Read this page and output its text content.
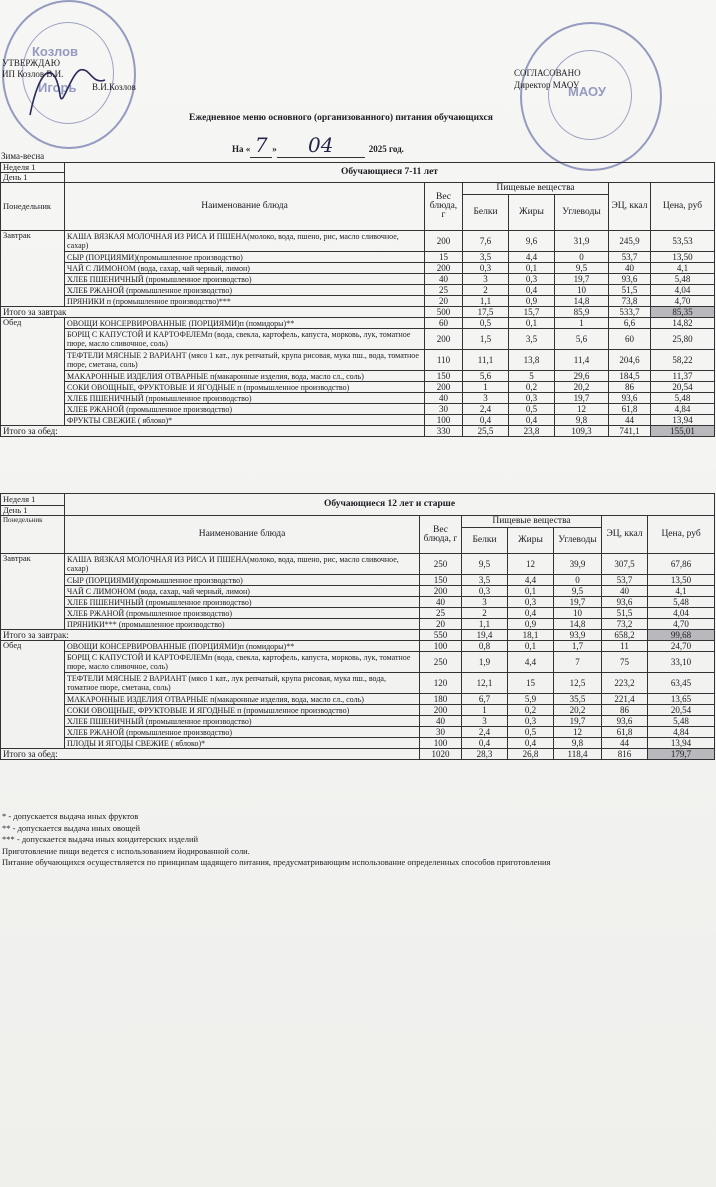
Козлов
Игорь	МАОУ
УТВЕРЖДАЮ
ИП Козлов В.И.
В.И.Козлов
СОГЛАСОВАНО
Директор МАОУ
Ежедневное меню основного (организованного) питания обучающихся
На « 7 » 04	2025 год.
Зима-весна
Неделя 1	Обучающиеся 7-11 лет						
День 1							
Понедельник	Наименование блюда	Вес блюда, г	Пищевые вещества			ЭЦ, ккал	Цена, руб
			Белки	Жиры	Углеводы		
Завтрак	КАША ВЯЗКАЯ МОЛОЧНАЯ ИЗ РИСА И ПШЕНА(молоко, вода, пшено, рис, масло сливочное, сахар)	200	7,6	9,6	31,9	245,9	53,53
	СЫР (ПОРЦИЯМИ)(промышленное производство)	15	3,5	4,4	0	53,7	13,50
	ЧАЙ С ЛИМОНОМ (вода, сахар, чай черный, лимон)	200	0,3	0,1	9,5	40	4,1
	ХЛЕБ ПШЕНИЧНЫЙ (промышленное производство)	40	3	0,3	19,7	93,6	5,48
	ХЛЕБ РЖАНОЙ (промышленное производство)	25	2	0,4	10	51,5	4,04
	ПРЯНИКИ п (промышленное производство)***	20	1,1	0,9	14,8	73,8	4,70
Итого за завтрак		500	17,5	15,7	85,9	533,7	85,35
Обед	ОВОЩИ КОНСЕРВИРОВАННЫЕ (ПОРЦИЯМИ)п (помидоры)**	60	0,5	0,1	1	6,6	14,82
	БОРЩ С КАПУСТОЙ И КАРТОФЕЛЕМп (вода, свекла, картофель, капуста, морковь, лук, томатное пюре, масло сливочное, соль)	200	1,5	3,5	5,6	60	25,80
	ТЕФТЕЛИ МЯСНЫЕ 2 ВАРИАНТ (мясо 1 кат., лук репчатый, крупа рисовая, мука пш., вода, томатное пюре, сметана, соль)	110	11,1	13,8	11,4	204,6	58,22
	МАКАРОННЫЕ ИЗДЕЛИЯ ОТВАРНЫЕ п(макаронные изделия, вода, масло сл., соль)	150	5,6	5	29,6	184,5	11,37
	СОКИ ОВОЩНЫЕ, ФРУКТОВЫЕ И ЯГОДНЫЕ п (промышленное производство)	200	1	0,2	20,2	86	20,54
	ХЛЕБ ПШЕНИЧНЫЙ (промышленное производство)	40	3	0,3	19,7	93,6	5,48
	ХЛЕБ РЖАНОЙ (промышленное производство)	30	2,4	0,5	12	61,8	4,84
	ФРУКТЫ СВЕЖИЕ ( яблоко)*	100	0,4	0,4	9,8	44	13,94
Итого за обед:		330	25,5	23,8	109,3	741,1	155,01
Неделя 1	Обучающиеся 12 лет и старше						
День 1							
Понедельник	Наименование блюда	Вес блюда, г	Пищевые вещества			ЭЦ, ккал	Цена, руб
			Белки	Жиры	Углеводы		
Завтрак	КАША ВЯЗКАЯ МОЛОЧНАЯ ИЗ РИСА И ПШЕНА(молоко, вода, пшено, рис, масло сливочное, сахар)	250	9,5	12	39,9	307,5	67,86
	СЫР (ПОРЦИЯМИ)(промышленное производство)	150	3,5	4,4	0	53,7	13,50
	ЧАЙ С ЛИМОНОМ (вода, сахар, чай черный, лимон)	200	0,3	0,1	9,5	40	4,1
	ХЛЕБ ПШЕНИЧНЫЙ (промышленное производство)	40	3	0,3	19,7	93,6	5,48
	ХЛЕБ РЖАНОЙ (промышленное производство)	25	2	0,4	10	51,5	4,04
	ПРЯНИКИ*** (промышленное производство)	20	1,1	0,9	14,8	73,2	4,70
Итого за завтрак:		550	19,4	18,1	93,9	658,2	99,68
Обед	ОВОЩИ КОНСЕРВИРОВАННЫЕ (ПОРЦИЯМИ)п (помидоры)**	100	0,8	0,1	1,7	11	24,70
	БОРЩ С КАПУСТОЙ И КАРТОФЕЛЕМп (вода, свекла, картофель, капуста, морковь, лук, томатное пюре, масло сливочное, соль)	250	1,9	4,4	7	75	33,10
	ТЕФТЕЛИ МЯСНЫЕ 2 ВАРИАНТ (мясо 1 кат., лук репчатый, крупа рисовая, мука пш., вода, томатное пюре, сметана, соль)	120	12,1	15	12,5	223,2	63,45
	МАКАРОННЫЕ ИЗДЕЛИЯ ОТВАРНЫЕ п(макаронные изделия, вода, масло сл., соль)	180	6,7	5,9	35,5	221,4	13,65
	СОКИ ОВОЩНЫЕ, ФРУКТОВЫЕ И ЯГОДНЫЕ п (промышленное производство)	200	1	0,2	20,2	86	20,54
	ХЛЕБ ПШЕНИЧНЫЙ (промышленное производство)	40	3	0,3	19,7	93,6	5,48
	ХЛЕБ РЖАНОЙ (промышленное производство)	30	2,4	0,5	12	61,8	4,84
	ПЛОДЫ И ЯГОДЫ СВЕЖИЕ ( яблоко)*	100	0,4	0,4	9,8	44	13,94
Итого за обед:		1020	28,3	26,8	118,4	816	179,7
* - допускается выдача иных фруктов
** - допускается выдача иных овощей
*** - допускается выдача иных кондитерских изделий
Приготовление пищи ведется с использованием йодированной соли.
Питание обучающихся осуществляется по принципам щадящего питания, предусматривающим использование определенных способов приготовления
